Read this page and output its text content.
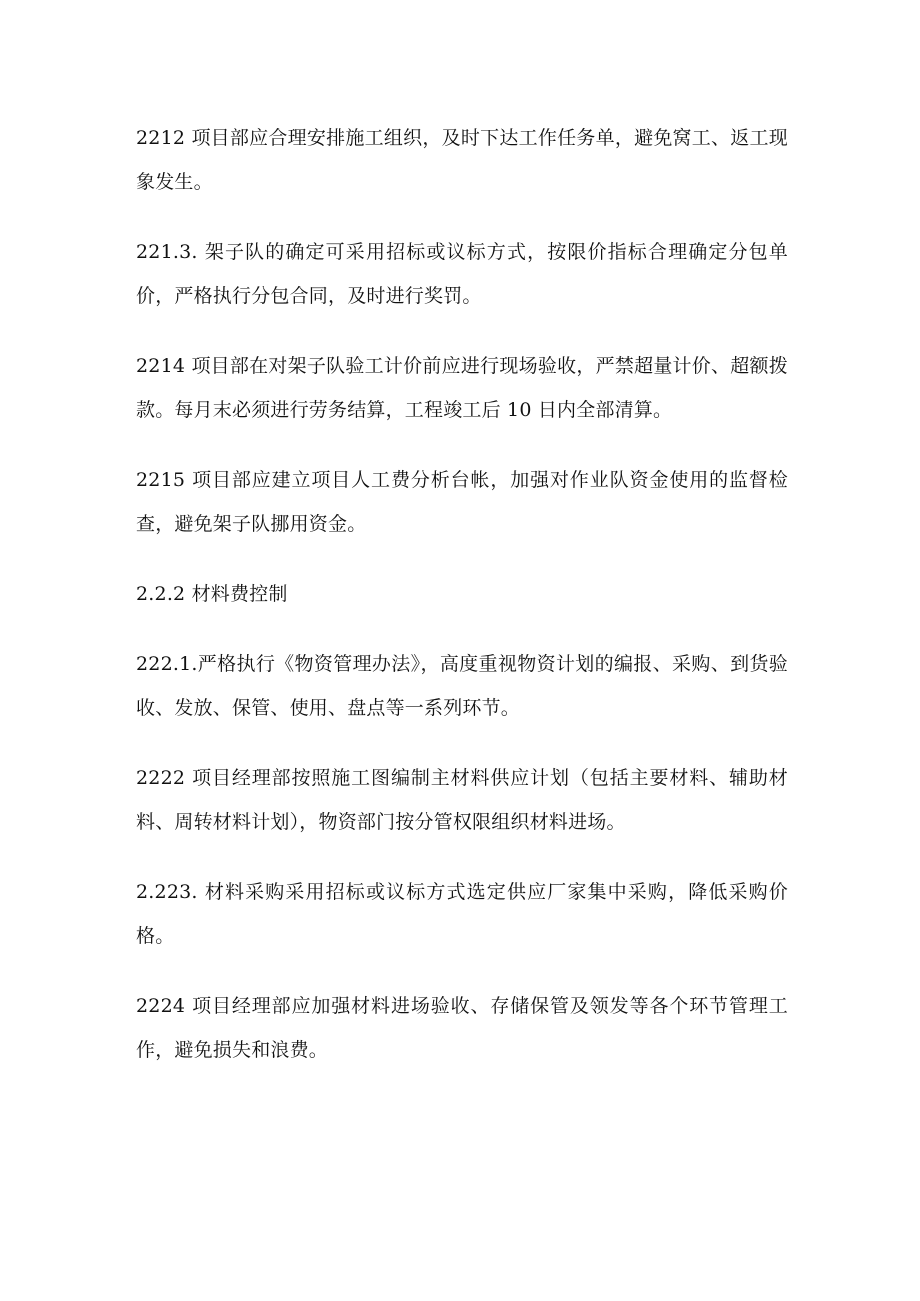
2212 项目部应合理安排施工组织，及时下达工作任务单，避免窝工、返工现象发生。

221.3. 架子队的确定可采用招标或议标方式，按限价指标合理确定分包单价，严格执行分包合同，及时进行奖罚。

2214 项目部在对架子队验工计价前应进行现场验收，严禁超量计价、超额拨款。每月末必须进行劳务结算，工程竣工后 10 日内全部清算。

2215 项目部应建立项目人工费分析台帐，加强对作业队资金使用的监督检查，避免架子队挪用资金。

2.2.2 材料费控制

222.1.严格执行《物资管理办法》，高度重视物资计划的编报、采购、到货验收、发放、保管、使用、盘点等一系列环节。

2222 项目经理部按照施工图编制主材料供应计划（包括主要材料、辅助材料、周转材料计划），物资部门按分管权限组织材料进场。

2.223. 材料采购采用招标或议标方式选定供应厂家集中采购，降低采购价格。

2224 项目经理部应加强材料进场验收、存储保管及领发等各个环节管理工作，避免损失和浪费。
